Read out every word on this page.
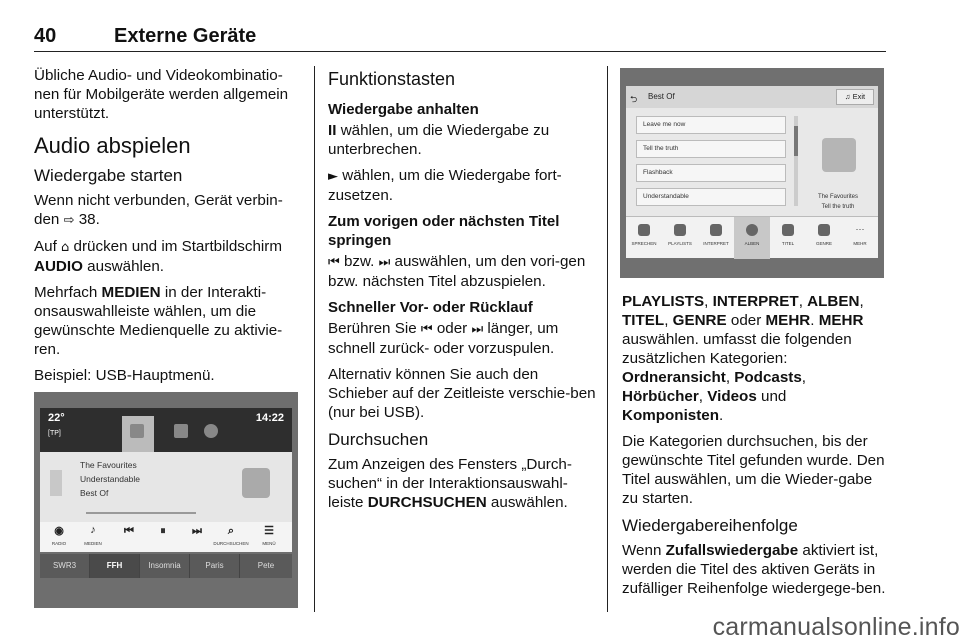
40	Externe Geräte

Übliche Audio- und Videokombinatio-nen für Mobilgeräte werden allgemein unterstützt.

Audio abspielen
Wiedergabe starten

Wenn nicht verbunden, Gerät verbin-den ⇨ 38.

Auf ⌂ drücken und im Startbildschirm AUDIO auswählen.

Mehrfach MEDIEN in der Interakti-onsauswahlleiste wählen, um die gewünschte Medienquelle zu aktivie-ren.

Beispiel: USB-Hauptmenü.

22°
[TP]
14:22
The Favourites
Understandable
Best Of
◉
RADIO
♪
MEDIEN
⏮	⏸	⏭	⌕
DURCHSUCHEN
☰
MENÜ
SWR3	FFH	Insomnia	Paris	Pete
Funktionstasten
Wiedergabe anhalten

II wählen, um die Wiedergabe zu unterbrechen.

► wählen, um die Wiedergabe fort-zusetzen.

Zum vorigen oder nächsten Titel springen

⏮ bzw. ⏭ auswählen, um den vori-gen bzw. nächsten Titel abzuspielen.

Schneller Vor- oder Rücklauf

Berühren Sie ⏮ oder ⏭ länger, um schnell zurück- oder vorzuspulen.

Alternativ können Sie auch den Schieber auf der Zeitleiste verschie-ben (nur bei USB).

Durchsuchen

Zum Anzeigen des Fensters „Durch-suchen“ in der Interaktionsauswahl-leiste DURCHSUCHEN auswählen.

⮌ Best Of	♫ Exit
Leave me now
Tell the truth
Flashback
Understandable	The Favourites
Tell the truth
SPRECHEN	PLAYLISTS	INTERPRET	ALBEN	TITEL	GENRE
⋯
MEHR

PLAYLISTS, INTERPRET, ALBEN, TITEL, GENRE oder MEHR. MEHR auswählen. umfasst die folgenden zusätzlichen Kategorien:
Ordneransicht, Podcasts, Hörbücher, Videos und Komponisten.

Die Kategorien durchsuchen, bis der gewünschte Titel gefunden wurde. Den Titel auswählen, um die Wieder-gabe zu starten.

Wiedergabereihenfolge

Wenn Zufallswiedergabe aktiviert ist, werden die Titel des aktiven Geräts in zufälliger Reihenfolge wiedergege-ben.

carmanualsonline.info
